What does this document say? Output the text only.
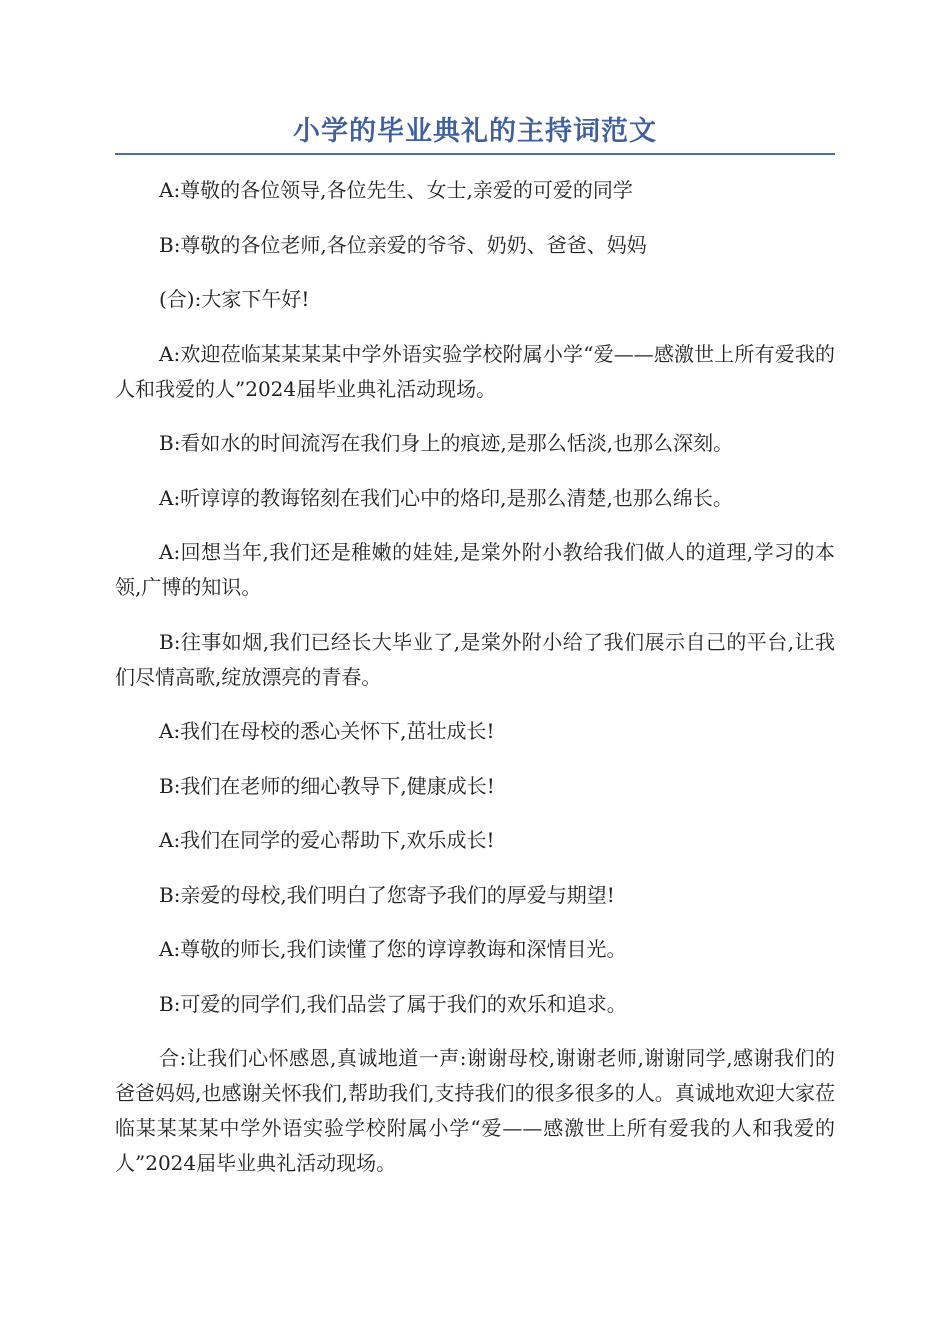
小学的毕业典礼的主持词范文

A:尊敬的各位领导,各位先生、女士,亲爱的可爱的同学

B:尊敬的各位老师,各位亲爱的爷爷、奶奶、爸爸、妈妈

(合):大家下午好!

A:欢迎莅临某某某某中学外语实验学校附属小学“爱——感激世上所有爱我的人和我爱的人”2024届毕业典礼活动现场。

B:看如水的时间流泻在我们身上的痕迹,是那么恬淡,也那么深刻。

A:听谆谆的教诲铭刻在我们心中的烙印,是那么清楚,也那么绵长。

A:回想当年,我们还是稚嫩的娃娃,是棠外附小教给我们做人的道理,学习的本领,广博的知识。

B:往事如烟,我们已经长大毕业了,是棠外附小给了我们展示自己的平台,让我们尽情高歌,绽放漂亮的青春。

A:我们在母校的悉心关怀下,茁壮成长!

B:我们在老师的细心教导下,健康成长!

A:我们在同学的爱心帮助下,欢乐成长!

B:亲爱的母校,我们明白了您寄予我们的厚爱与期望!

A:尊敬的师长,我们读懂了您的谆谆教诲和深情目光。

B:可爱的同学们,我们品尝了属于我们的欢乐和追求。

合:让我们心怀感恩,真诚地道一声:谢谢母校,谢谢老师,谢谢同学,感谢我们的爸爸妈妈,也感谢关怀我们,帮助我们,支持我们的很多很多的人。真诚地欢迎大家莅临某某某某中学外语实验学校附属小学“爱——感激世上所有爱我的人和我爱的人”2024届毕业典礼活动现场。
